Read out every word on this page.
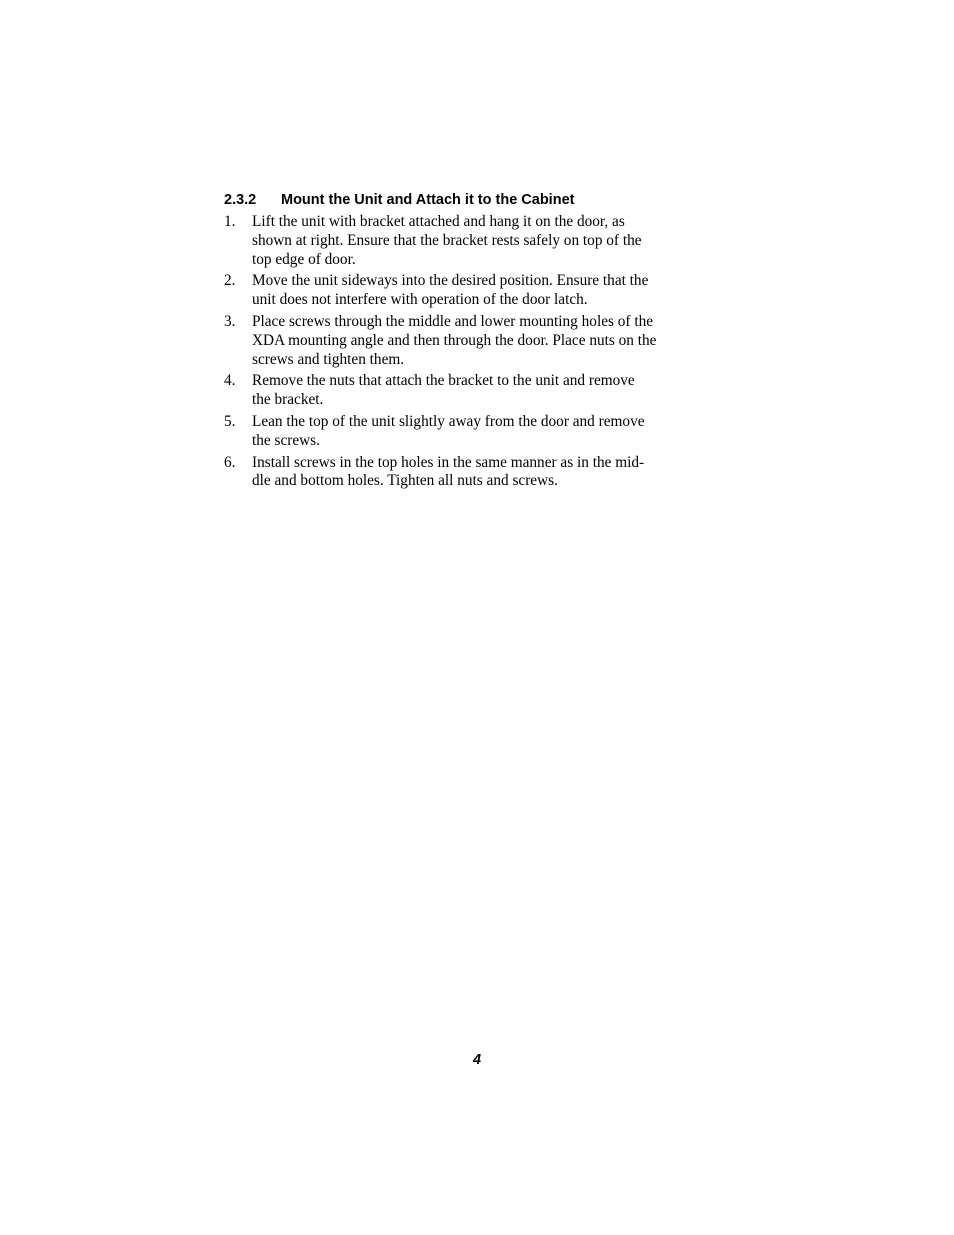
2.3.2 Mount the Unit and Attach it to the Cabinet
1.	Lift the unit with bracket attached and hang it on the door, as
shown at right. Ensure that the bracket rests safely on top of the
top edge of door.
2.	Move the unit sideways into the desired position. Ensure that the
unit does not interfere with operation of the door latch.
3.	Place screws through the middle and lower mounting holes of the
XDA mounting angle and then through the door. Place nuts on the
screws and tighten them.
4.	Remove the nuts that attach the bracket to the unit and remove
the bracket.
5.	Lean the top of the unit slightly away from the door and remove
the screws.
6.	Install screws in the top holes in the same manner as in the mid-
dle and bottom holes. Tighten all nuts and screws.
4
